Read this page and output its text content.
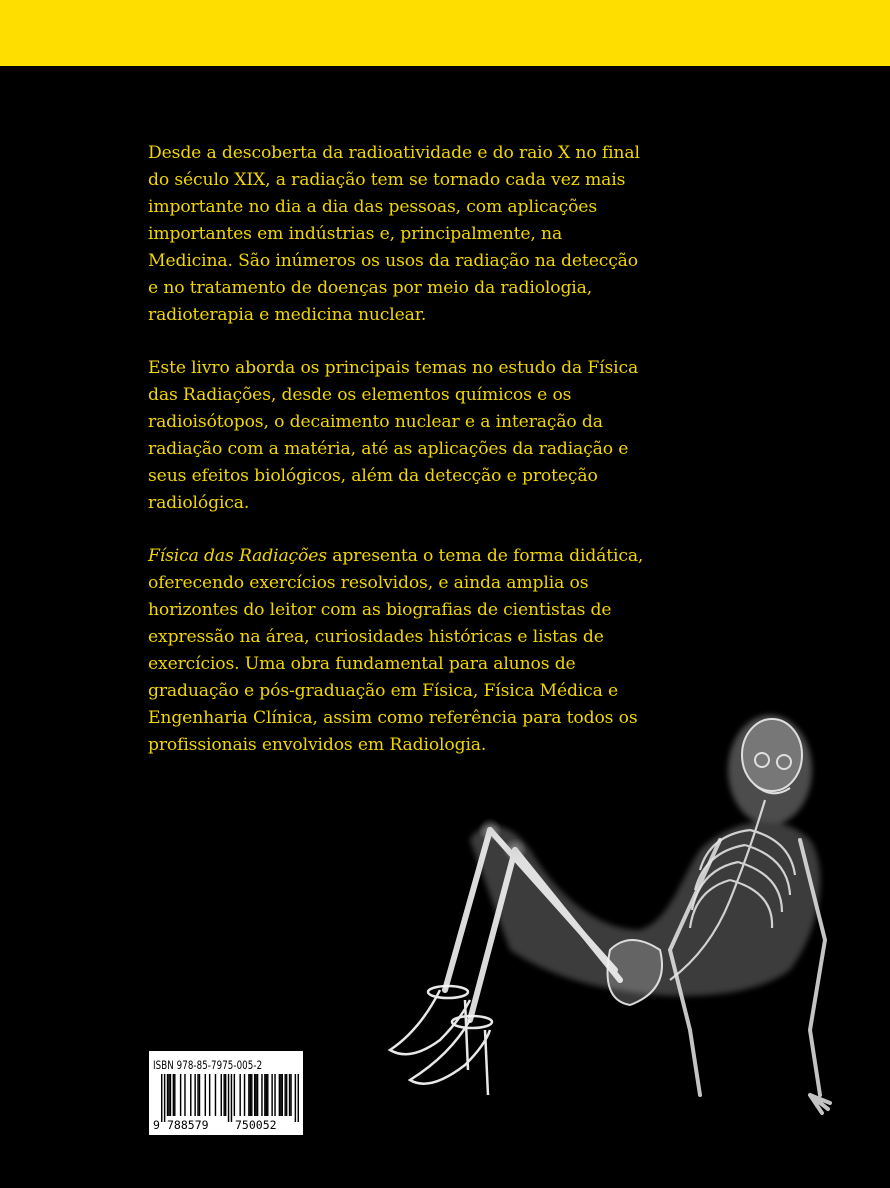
Desde a descoberta da radioatividade e do raio X no final do século XIX, a radiação tem se tornado cada vez mais importante no dia a dia das pessoas, com aplicações importantes em indústrias e, principalmente, na Medicina. São inúmeros os usos da radiação na detecção e no tratamento de doenças por meio da radiologia, radioterapia e medicina nuclear.

Este livro aborda os principais temas no estudo da Física das Radiações, desde os elementos químicos e os radioisótopos, o decaimento nuclear e a interação da radiação com a matéria, até as aplicações da radiação e seus efeitos biológicos, além da detecção e proteção radiológica.

Física das Radiações apresenta o tema de forma didática, oferecendo exercícios resolvidos, e ainda amplia os horizontes do leitor com as biografias de cientistas de expressão na área, curiosidades históricas e listas de exercícios. Uma obra fundamental para alunos de graduação e pós-graduação em Física, Física Médica e Engenharia Clínica, assim como referência para todos os profissionais envolvidos em Radiologia.

ISBN 978-85-7975-005-2
9 788579 750052
